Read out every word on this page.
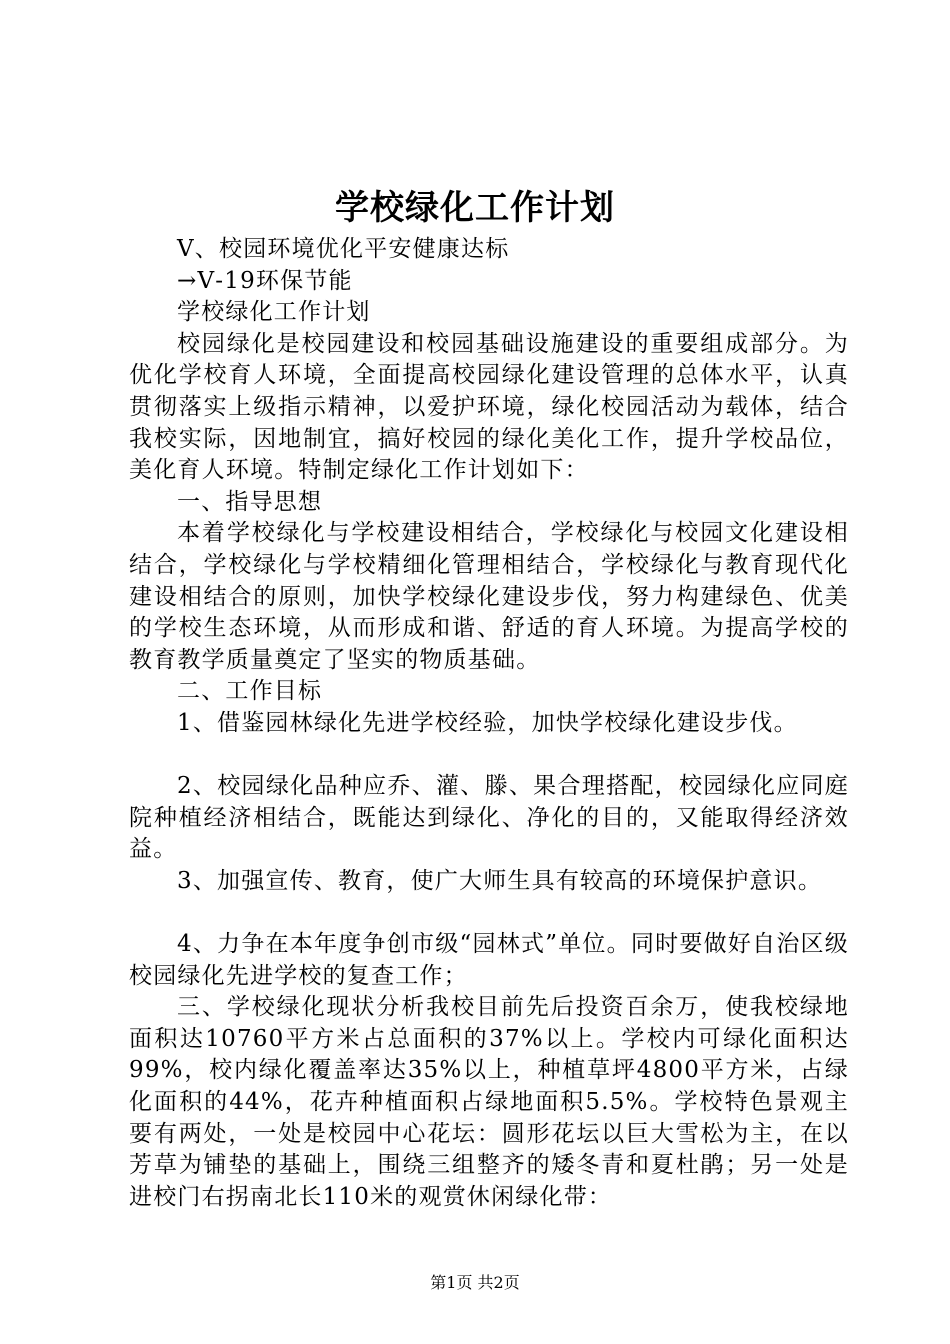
学校绿化工作计划

Ⅴ、校园环境优化平安健康达标

→Ⅴ-19环保节能

学校绿化工作计划

校园绿化是校园建设和校园基础设施建设的重要组成部分。为优化学校育人环境，全面提高校园绿化建设管理的总体水平，认真贯彻落实上级指示精神，以爱护环境，绿化校园活动为载体，结合我校实际，因地制宜，搞好校园的绿化美化工作，提升学校品位，美化育人环境。特制定绿化工作计划如下：

一、指导思想

本着学校绿化与学校建设相结合，学校绿化与校园文化建设相结合，学校绿化与学校精细化管理相结合，学校绿化与教育现代化建设相结合的原则，加快学校绿化建设步伐，努力构建绿色、优美的学校生态环境，从而形成和谐、舒适的育人环境。为提高学校的教育教学质量奠定了坚实的物质基础。

二、工作目标

1、借鉴园林绿化先进学校经验，加快学校绿化建设步伐。

2、校园绿化品种应乔、灌、滕、果合理搭配，校园绿化应同庭院种植经济相结合，既能达到绿化、净化的目的，又能取得经济效益。

3、加强宣传、教育，使广大师生具有较高的环境保护意识。

4、力争在本年度争创市级“园林式”单位。同时要做好自治区级校园绿化先进学校的复查工作；

三、学校绿化现状分析我校目前先后投资百余万，使我校绿地面积达10760平方米占总面积的37%以上。学校内可绿化面积达99%，校内绿化覆盖率达35%以上，种植草坪4800平方米，占绿化面积的44%，花卉种植面积占绿地面积5.5%。学校特色景观主要有两处，一处是校园中心花坛：圆形花坛以巨大雪松为主，在以芳草为铺垫的基础上，围绕三组整齐的矮冬青和夏杜鹃；另一处是进校门右拐南北长110米的观赏休闲绿化带：

第1页 共2页
